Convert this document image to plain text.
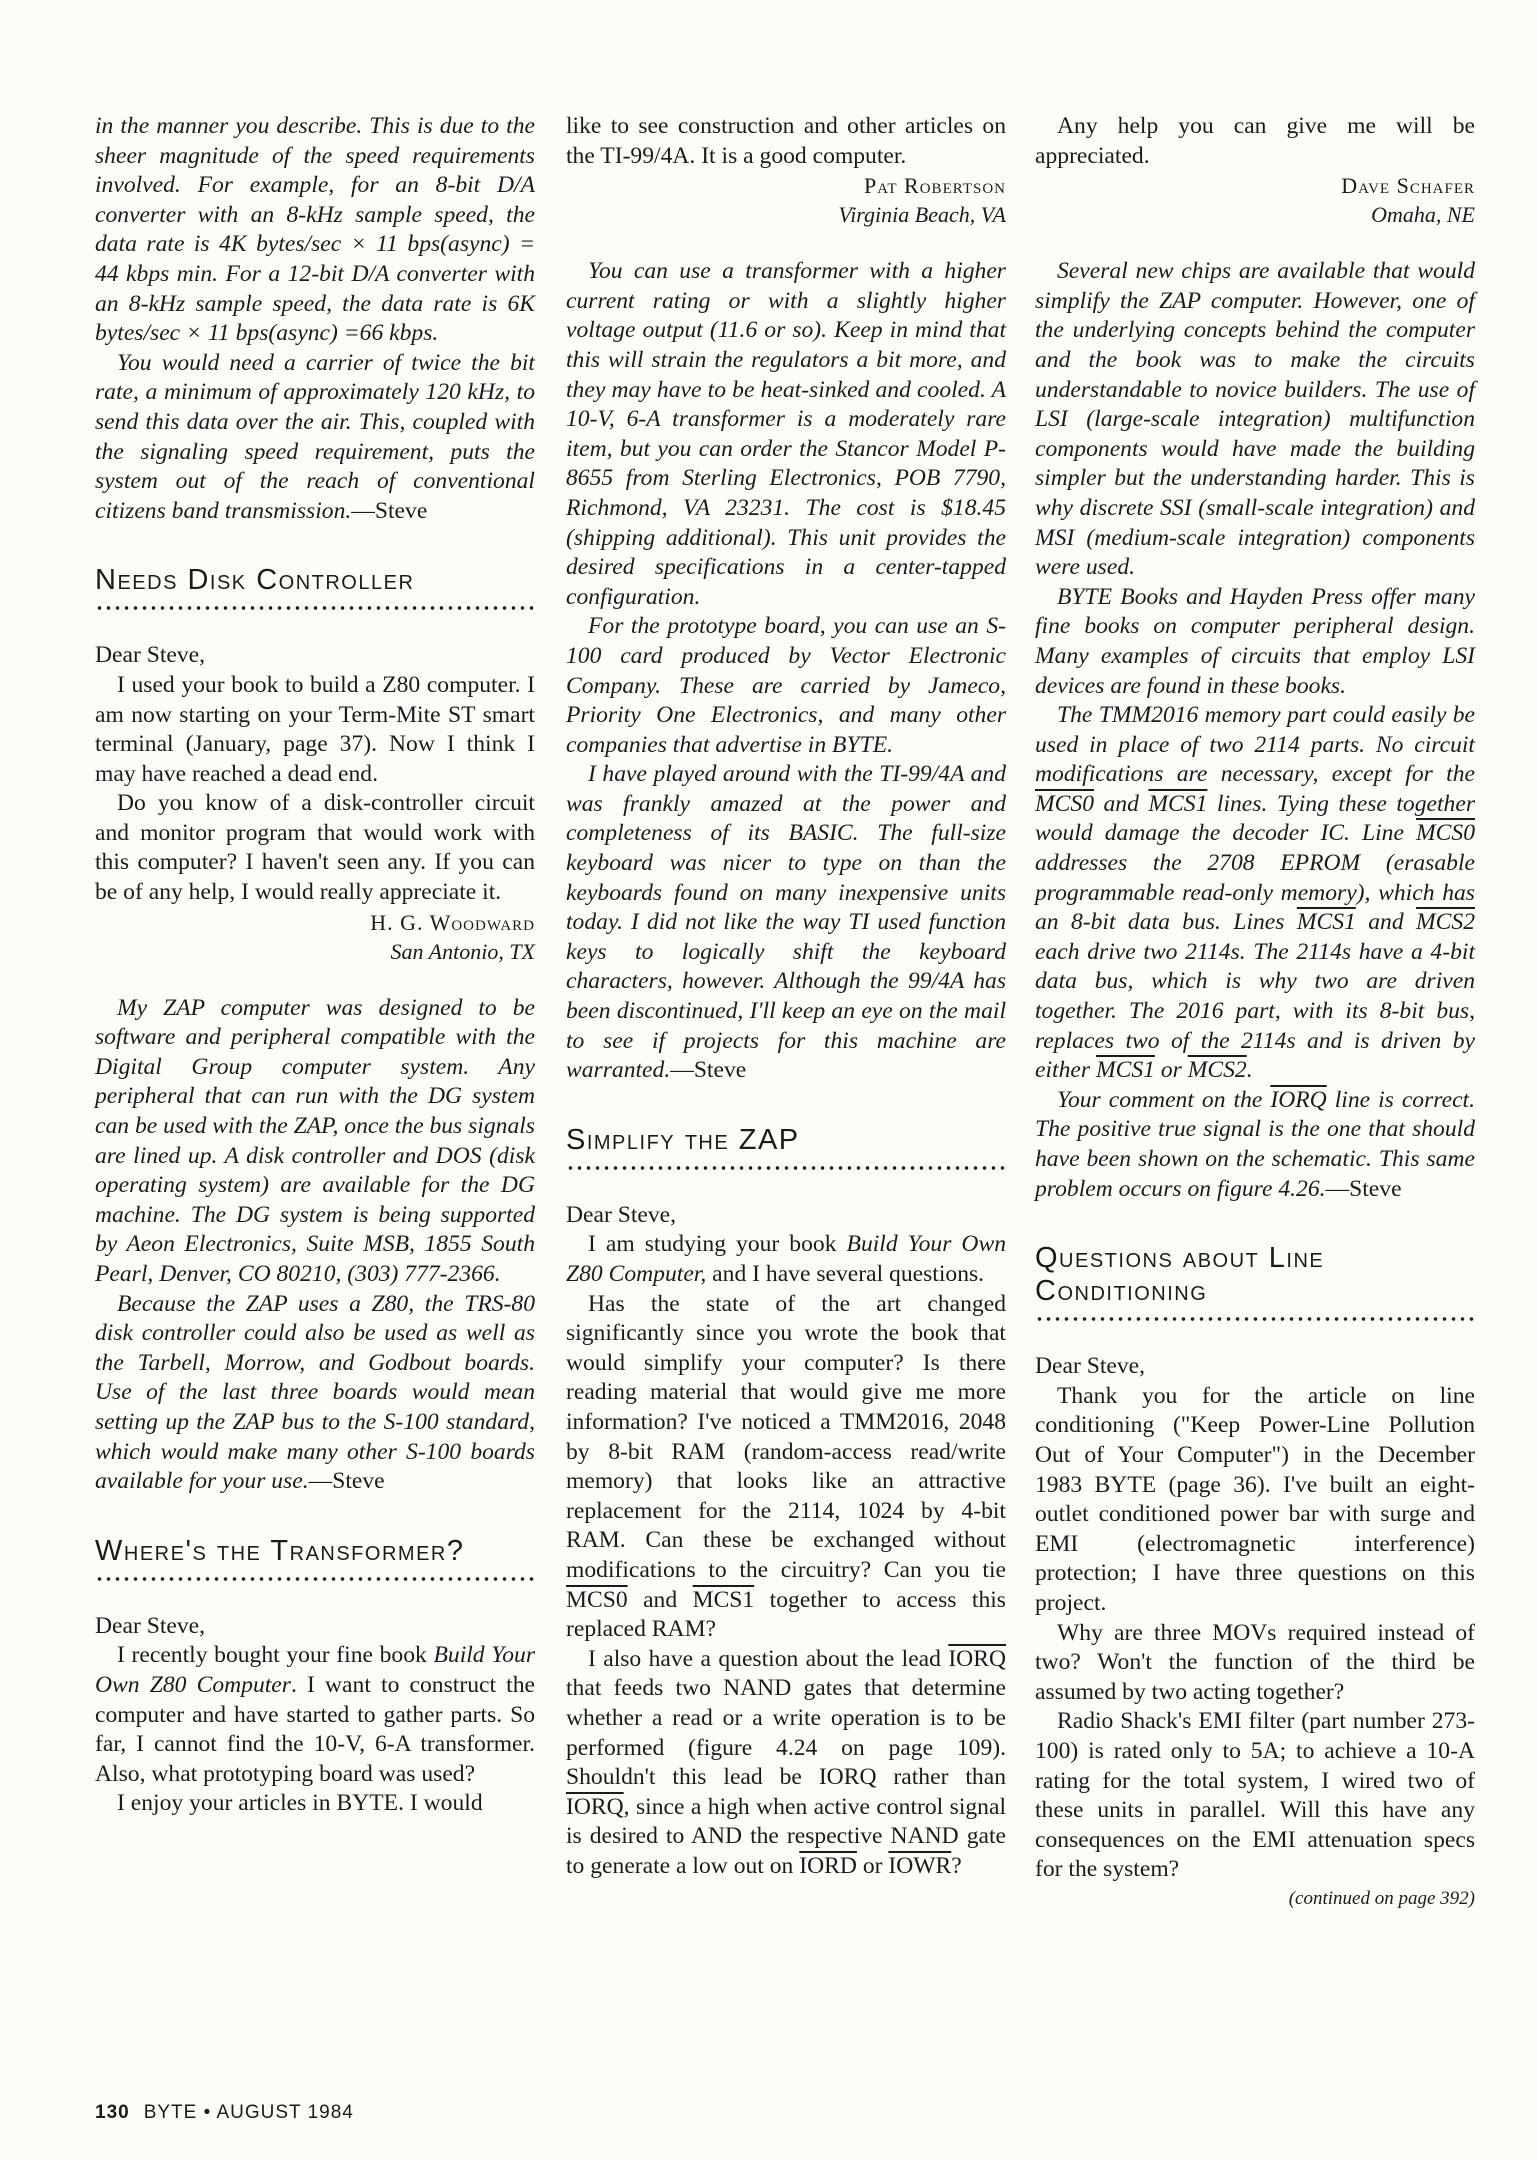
in the manner you describe. This is due to the sheer magnitude of the speed requirements involved. For example, for an 8-bit D/A converter with an 8-kHz sample speed, the data rate is 4K bytes/sec × 11 bps(async) = 44 kbps min. For a 12-bit D/A converter with an 8-kHz sample speed, the data rate is 6K bytes/sec × 11 bps(async) =66 kbps.

You would need a carrier of twice the bit rate, a minimum of approximately 120 kHz, to send this data over the air. This, coupled with the signaling speed requirement, puts the system out of the reach of conventional citizens band transmission.—Steve

Needs Disk Controller

Dear Steve,

I used your book to build a Z80 computer. I am now starting on your Term-Mite ST smart terminal (January, page 37). Now I think I may have reached a dead end.

Do you know of a disk-controller circuit and monitor program that would work with this computer? I haven't seen any. If you can be of any help, I would really appreciate it.

H. G. Woodward
San Antonio, TX

My ZAP computer was designed to be software and peripheral compatible with the Digital Group computer system. Any peripheral that can run with the DG system can be used with the ZAP, once the bus signals are lined up. A disk controller and DOS (disk operating system) are available for the DG machine. The DG system is being supported by Aeon Electronics, Suite MSB, 1855 South Pearl, Denver, CO 80210, (303) 777-2366.

Because the ZAP uses a Z80, the TRS-80 disk controller could also be used as well as the Tarbell, Morrow, and Godbout boards. Use of the last three boards would mean setting up the ZAP bus to the S-100 standard, which would make many other S-100 boards available for your use.—Steve

Where's the Transformer?

Dear Steve,

I recently bought your fine book Build Your Own Z80 Computer. I want to construct the computer and have started to gather parts. So far, I cannot find the 10-V, 6-A transformer. Also, what prototyping board was used?

I enjoy your articles in BYTE. I would

like to see construction and other articles on the TI-99/4A. It is a good computer.

Pat Robertson
Virginia Beach, VA

You can use a transformer with a higher current rating or with a slightly higher voltage output (11.6 or so). Keep in mind that this will strain the regulators a bit more, and they may have to be heat-sinked and cooled. A 10-V, 6-A transformer is a moderately rare item, but you can order the Stancor Model P-8655 from Sterling Electronics, POB 7790, Richmond, VA 23231. The cost is $18.45 (shipping additional). This unit provides the desired specifications in a center-tapped configuration.

For the prototype board, you can use an S-100 card produced by Vector Electronic Company. These are carried by Jameco, Priority One Electronics, and many other companies that advertise in BYTE.

I have played around with the TI-99/4A and was frankly amazed at the power and completeness of its BASIC. The full-size keyboard was nicer to type on than the keyboards found on many inexpensive units today. I did not like the way TI used function keys to logically shift the keyboard characters, however. Although the 99/4A has been discontinued, I'll keep an eye on the mail to see if projects for this machine are warranted.—Steve

Simplify the ZAP

Dear Steve,

I am studying your book Build Your Own Z80 Computer, and I have several questions.

Has the state of the art changed significantly since you wrote the book that would simplify your computer? Is there reading material that would give me more information? I've noticed a TMM2016, 2048 by 8-bit RAM (random-access read/write memory) that looks like an attractive replacement for the 2114, 1024 by 4-bit RAM. Can these be exchanged without modifications to the circuitry? Can you tie MCS0 and MCS1 together to access this replaced RAM?

I also have a question about the lead IORQ that feeds two NAND gates that determine whether a read or a write operation is to be performed (figure 4.24 on page 109). Shouldn't this lead be IORQ rather than IORQ, since a high when active control signal is desired to AND the respective NAND gate to generate a low out on IORD or IOWR?

Any help you can give me will be appreciated.

Dave Schafer
Omaha, NE

Several new chips are available that would simplify the ZAP computer. However, one of the underlying concepts behind the computer and the book was to make the circuits understandable to novice builders. The use of LSI (large-scale integration) multifunction components would have made the building simpler but the understanding harder. This is why discrete SSI (small-scale integration) and MSI (medium-scale integration) components were used.

BYTE Books and Hayden Press offer many fine books on computer peripheral design. Many examples of circuits that employ LSI devices are found in these books.

The TMM2016 memory part could easily be used in place of two 2114 parts. No circuit modifications are necessary, except for the MCS0 and MCS1 lines. Tying these together would damage the decoder IC. Line MCS0 addresses the 2708 EPROM (erasable programmable read-only memory), which has an 8-bit data bus. Lines MCS1 and MCS2 each drive two 2114s. The 2114s have a 4-bit data bus, which is why two are driven together. The 2016 part, with its 8-bit bus, replaces two of the 2114s and is driven by either MCS1 or MCS2.

Your comment on the IORQ line is correct. The positive true signal is the one that should have been shown on the schematic. This same problem occurs on figure 4.26.—Steve

Questions about Line Conditioning

Dear Steve,

Thank you for the article on line conditioning ("Keep Power-Line Pollution Out of Your Computer") in the December 1983 BYTE (page 36). I've built an eight-outlet conditioned power bar with surge and EMI (electromagnetic interference) protection; I have three questions on this project.

Why are three MOVs required instead of two? Won't the function of the third be assumed by two acting together?

Radio Shack's EMI filter (part number 273-100) is rated only to 5A; to achieve a 10-A rating for the total system, I wired two of these units in parallel. Will this have any consequences on the EMI attenuation specs for the system?

(continued on page 392)
130 BYTE • AUGUST 1984
